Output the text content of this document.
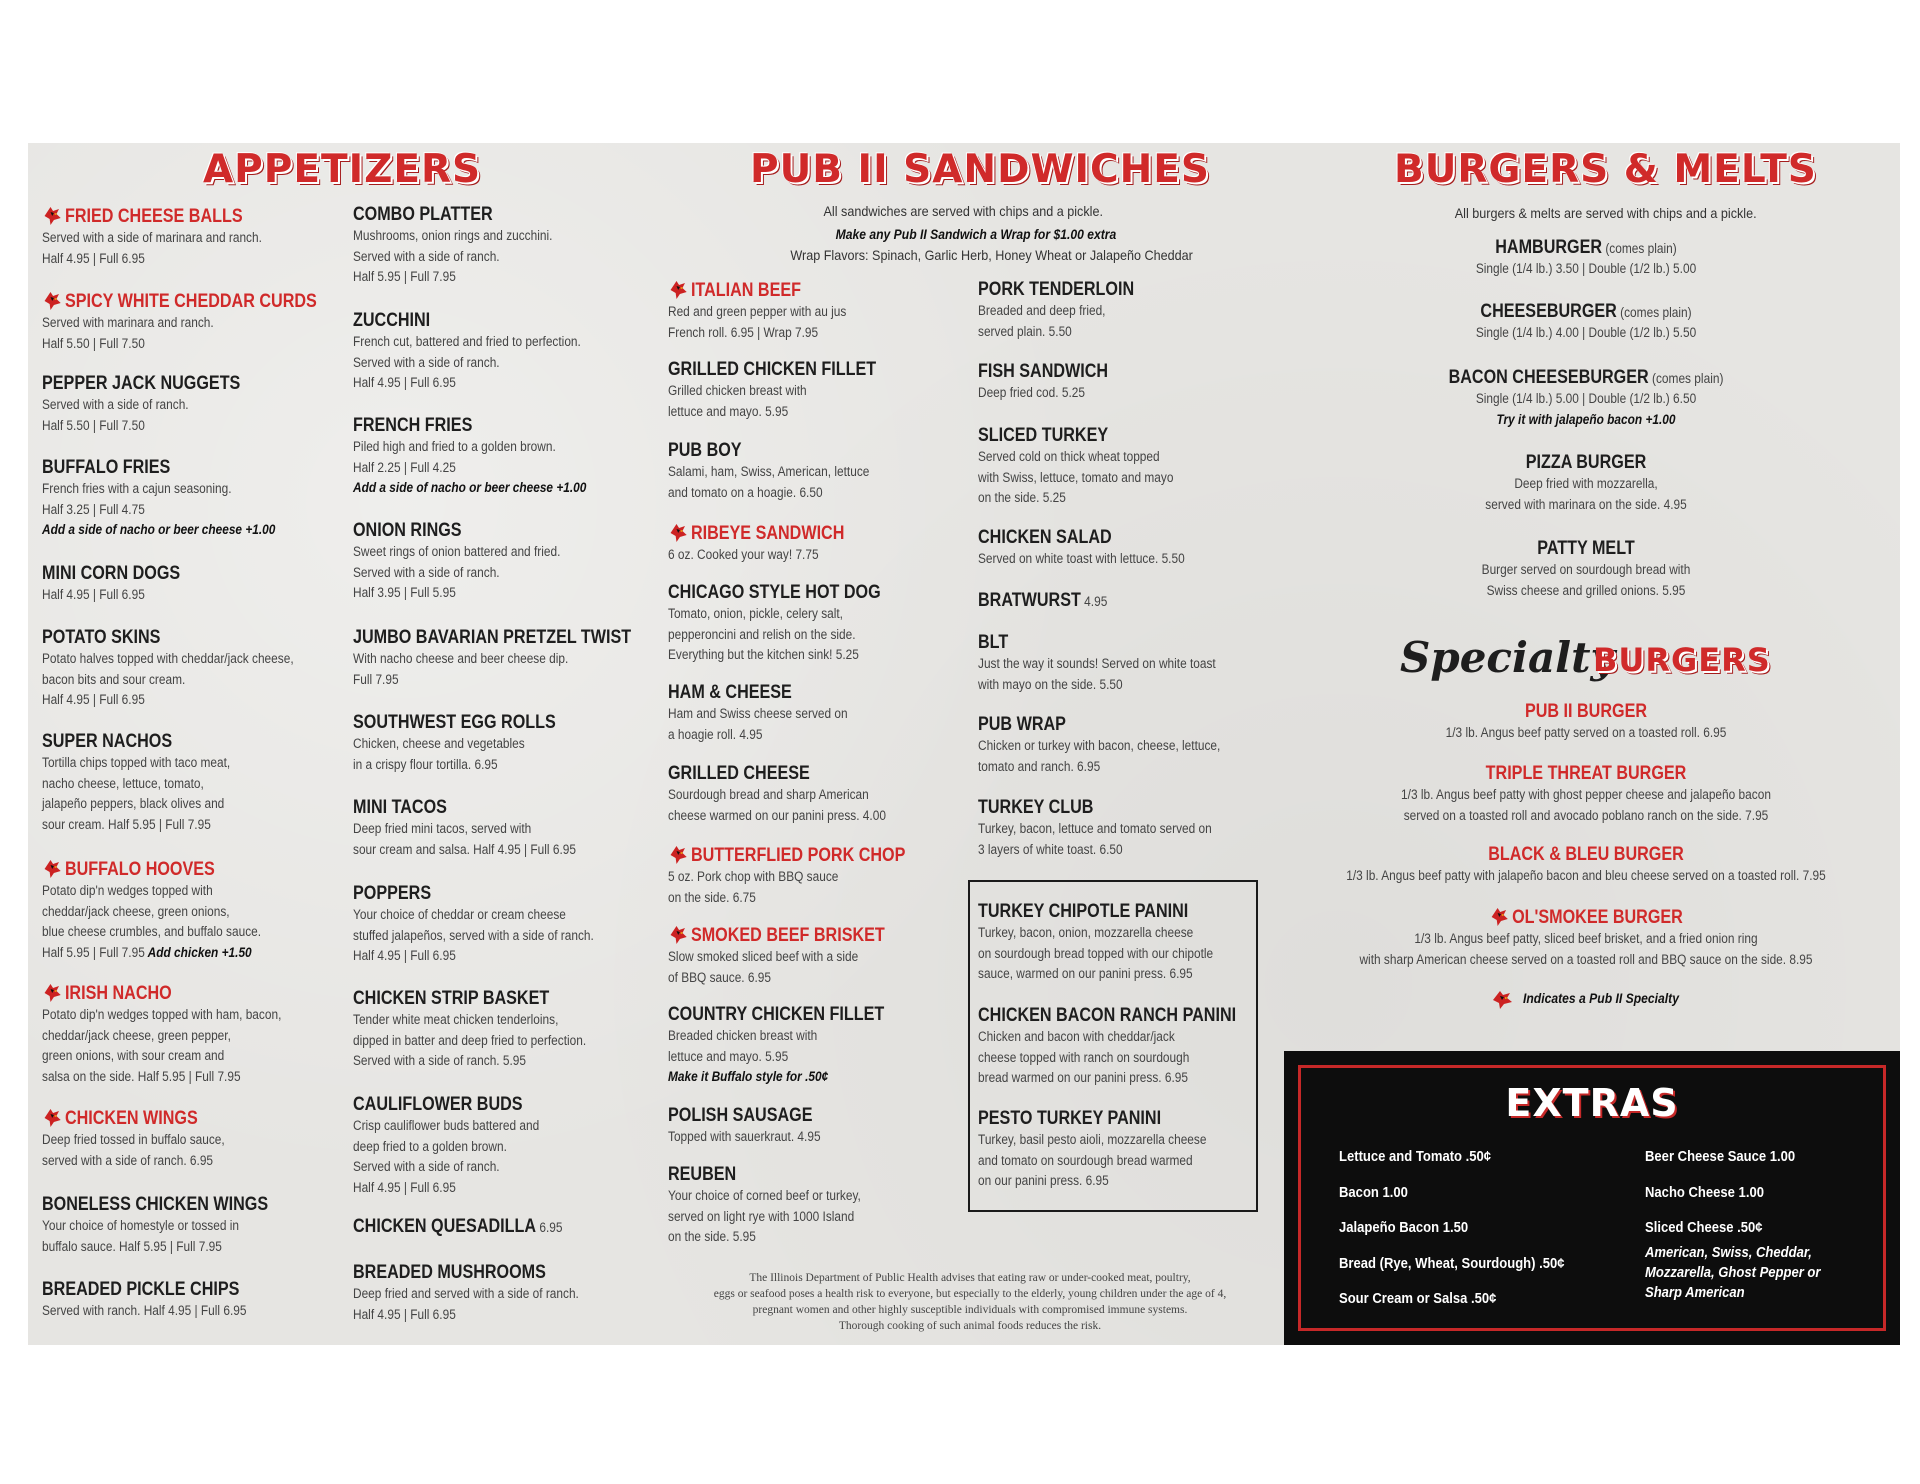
APPETIZERS	PUB II SANDWICHES	BURGERS & MELTS
All sandwiches are served with chips and a pickle.
Make any Pub II Sandwich a Wrap for $1.00 extra
Wrap Flavors: Spinach, Garlic Herb, Honey Wheat or Jalapeño Cheddar
All burgers & melts are served with chips and a pickle.
Specialty
BURGERS
Indicates a Pub II Specialty
EXTRAS
Lettuce and Tomato .50¢
Bacon 1.00
Jalapeño Bacon 1.50
Bread (Rye, Wheat, Sourdough) .50¢
Sour Cream or Salsa .50¢
Beer Cheese Sauce 1.00
Nacho Cheese 1.00
Sliced Cheese .50¢
American, Swiss, Cheddar,
Mozzarella, Ghost Pepper or
Sharp American
The Illinois Department of Public Health advises that eating raw or under-cooked meat, poultry,
eggs or seafood poses a health risk to everyone, but especially to the elderly, young children under the age of 4,
pregnant women and other highly susceptible individuals with compromised immune systems.
Thorough cooking of such animal foods reduces the risk.
FRIED CHEESE BALLS
Served with a side of marinara and ranch.
Half 4.95 | Full 6.95
SPICY WHITE CHEDDAR CURDS
Served with marinara and ranch.
Half 5.50 | Full 7.50
PEPPER JACK NUGGETS
Served with a side of ranch.
Half 5.50 | Full 7.50
BUFFALO FRIES
French fries with a cajun seasoning.
Half 3.25 | Full 4.75
Add a side of nacho or beer cheese +1.00
MINI CORN DOGS
Half 4.95 | Full 6.95
POTATO SKINS
Potato halves topped with cheddar/jack cheese,
bacon bits and sour cream.
Half 4.95 | Full 6.95
SUPER NACHOS
Tortilla chips topped with taco meat,
nacho cheese, lettuce, tomato,
jalapeño peppers, black olives and
sour cream. Half 5.95 | Full 7.95
BUFFALO HOOVES
Potato dip'n wedges topped with
cheddar/jack cheese, green onions,
blue cheese crumbles, and buffalo sauce.
Half 5.95 | Full 7.95 Add chicken +1.50
IRISH NACHO
Potato dip'n wedges topped with ham, bacon,
cheddar/jack cheese, green pepper,
green onions, with sour cream and
salsa on the side. Half 5.95 | Full 7.95
CHICKEN WINGS
Deep fried tossed in buffalo sauce,
served with a side of ranch. 6.95
BONELESS CHICKEN WINGS
Your choice of homestyle or tossed in
buffalo sauce. Half 5.95 | Full 7.95
BREADED PICKLE CHIPS
Served with ranch. Half 4.95 | Full 6.95
COMBO PLATTER
Mushrooms, onion rings and zucchini.
Served with a side of ranch.
Half 5.95 | Full 7.95
ZUCCHINI
French cut, battered and fried to perfection.
Served with a side of ranch.
Half 4.95 | Full 6.95
FRENCH FRIES
Piled high and fried to a golden brown.
Half 2.25 | Full 4.25
Add a side of nacho or beer cheese +1.00
ONION RINGS
Sweet rings of onion battered and fried.
Served with a side of ranch.
Half 3.95 | Full 5.95
JUMBO BAVARIAN PRETZEL TWIST
With nacho cheese and beer cheese dip.
Full 7.95
SOUTHWEST EGG ROLLS
Chicken, cheese and vegetables
in a crispy flour tortilla. 6.95
MINI TACOS
Deep fried mini tacos, served with
sour cream and salsa. Half 4.95 | Full 6.95
POPPERS
Your choice of cheddar or cream cheese
stuffed jalapeños, served with a side of ranch.
Half 4.95 | Full 6.95
CHICKEN STRIP BASKET
Tender white meat chicken tenderloins,
dipped in batter and deep fried to perfection.
Served with a side of ranch. 5.95
CAULIFLOWER BUDS
Crisp cauliflower buds battered and
deep fried to a golden brown.
Served with a side of ranch.
Half 4.95 | Full 6.95
CHICKEN QUESADILLA 6.95
BREADED MUSHROOMS
Deep fried and served with a side of ranch.
Half 4.95 | Full 6.95
ITALIAN BEEF
Red and green pepper with au jus
French roll. 6.95 | Wrap 7.95
GRILLED CHICKEN FILLET
Grilled chicken breast with
lettuce and mayo. 5.95
PUB BOY
Salami, ham, Swiss, American, lettuce
and tomato on a hoagie. 6.50
RIBEYE SANDWICH
6 oz. Cooked your way! 7.75
CHICAGO STYLE HOT DOG
Tomato, onion, pickle, celery salt,
pepperoncini and relish on the side.
Everything but the kitchen sink! 5.25
HAM & CHEESE
Ham and Swiss cheese served on
a hoagie roll. 4.95
GRILLED CHEESE
Sourdough bread and sharp American
cheese warmed on our panini press. 4.00
BUTTERFLIED PORK CHOP
5 oz. Pork chop with BBQ sauce
on the side. 6.75
SMOKED BEEF BRISKET
Slow smoked sliced beef with a side
of BBQ sauce. 6.95
COUNTRY CHICKEN FILLET
Breaded chicken breast with
lettuce and mayo. 5.95
Make it Buffalo style for .50¢
POLISH SAUSAGE
Topped with sauerkraut. 4.95
REUBEN
Your choice of corned beef or turkey,
served on light rye with 1000 Island
on the side. 5.95
PORK TENDERLOIN
Breaded and deep fried,
served plain. 5.50
FISH SANDWICH
Deep fried cod. 5.25
SLICED TURKEY
Served cold on thick wheat topped
with Swiss, lettuce, tomato and mayo
on the side. 5.25
CHICKEN SALAD
Served on white toast with lettuce. 5.50
BRATWURST 4.95
BLT
Just the way it sounds! Served on white toast
with mayo on the side. 5.50
PUB WRAP
Chicken or turkey with bacon, cheese, lettuce,
tomato and ranch. 6.95
TURKEY CLUB
Turkey, bacon, lettuce and tomato served on
3 layers of white toast. 6.50
TURKEY CHIPOTLE PANINI
Turkey, bacon, onion, mozzarella cheese
on sourdough bread topped with our chipotle
sauce, warmed on our panini press. 6.95
CHICKEN BACON RANCH PANINI
Chicken and bacon with cheddar/jack
cheese topped with ranch on sourdough
bread warmed on our panini press. 6.95
PESTO TURKEY PANINI
Turkey, basil pesto aioli, mozzarella cheese
and tomato on sourdough bread warmed
on our panini press. 6.95
HAMBURGER (comes plain)
Single (1/4 lb.) 3.50 | Double (1/2 lb.) 5.00
CHEESEBURGER (comes plain)
Single (1/4 lb.) 4.00 | Double (1/2 lb.) 5.50
BACON CHEESEBURGER (comes plain)
Single (1/4 lb.) 5.00 | Double (1/2 lb.) 6.50
Try it with jalapeño bacon +1.00
PIZZA BURGER
Deep fried with mozzarella,
served with marinara on the side. 4.95
PATTY MELT
Burger served on sourdough bread with
Swiss cheese and grilled onions. 5.95
PUB II BURGER
1/3 lb. Angus beef patty served on a toasted roll. 6.95
TRIPLE THREAT BURGER
1/3 lb. Angus beef patty with ghost pepper cheese and jalapeño bacon
served on a toasted roll and avocado poblano ranch on the side. 7.95
BLACK & BLEU BURGER
1/3 lb. Angus beef patty with jalapeño bacon and bleu cheese served on a toasted roll. 7.95
OL'SMOKEE BURGER
1/3 lb. Angus beef patty, sliced beef brisket, and a fried onion ring
with sharp American cheese served on a toasted roll and BBQ sauce on the side. 8.95
